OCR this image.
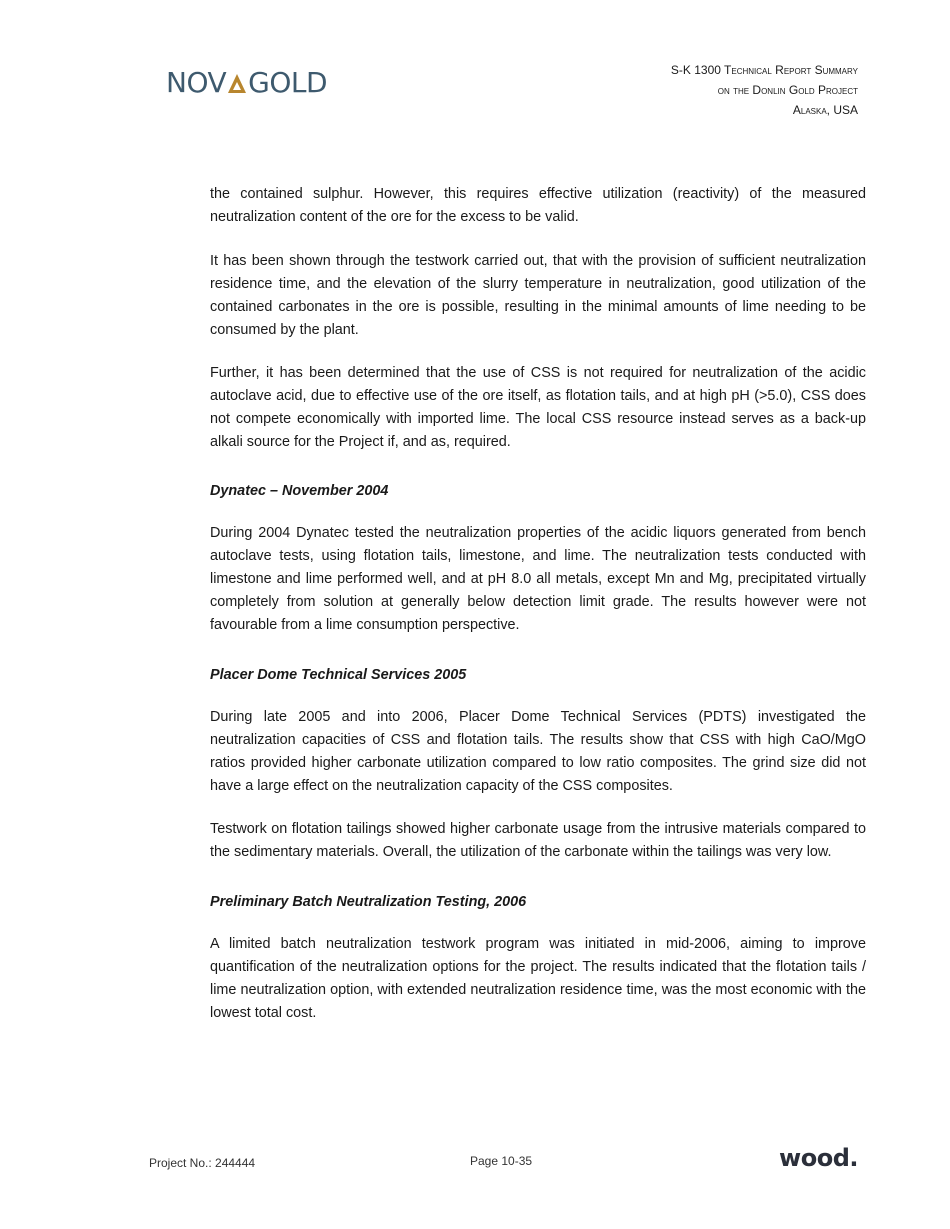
NOV GOLD	S-K 1300 Technical Report Summary
on the Donlin Gold Project
Alaska, USA

the contained sulphur. However, this requires effective utilization (reactivity) of the measured neutralization content of the ore for the excess to be valid.

It has been shown through the testwork carried out, that with the provision of sufficient neutralization residence time, and the elevation of the slurry temperature in neutralization, good utilization of the contained carbonates in the ore is possible, resulting in the minimal amounts of lime needing to be consumed by the plant.

Further, it has been determined that the use of CSS is not required for neutralization of the acidic autoclave acid, due to effective use of the ore itself, as flotation tails, and at high pH (>5.0), CSS does not compete economically with imported lime. The local CSS resource instead serves as a back-up alkali source for the Project if, and as, required.

Dynatec – November 2004

During 2004 Dynatec tested the neutralization properties of the acidic liquors generated from bench autoclave tests, using flotation tails, limestone, and lime. The neutralization tests conducted with limestone and lime performed well, and at pH 8.0 all metals, except Mn and Mg, precipitated virtually completely from solution at generally below detection limit grade. The results however were not favourable from a lime consumption perspective.

Placer Dome Technical Services 2005

During late 2005 and into 2006, Placer Dome Technical Services (PDTS) investigated the neutralization capacities of CSS and flotation tails. The results show that CSS with high CaO/MgO ratios provided higher carbonate utilization compared to low ratio composites. The grind size did not have a large effect on the neutralization capacity of the CSS composites.

Testwork on flotation tailings showed higher carbonate usage from the intrusive materials compared to the sedimentary materials. Overall, the utilization of the carbonate within the tailings was very low.

Preliminary Batch Neutralization Testing, 2006

A limited batch neutralization testwork program was initiated in mid-2006, aiming to improve quantification of the neutralization options for the project. The results indicated that the flotation tails / lime neutralization option, with extended neutralization residence time, was the most economic with the lowest total cost.

Project No.: 244444	Page 10-35	wood.
